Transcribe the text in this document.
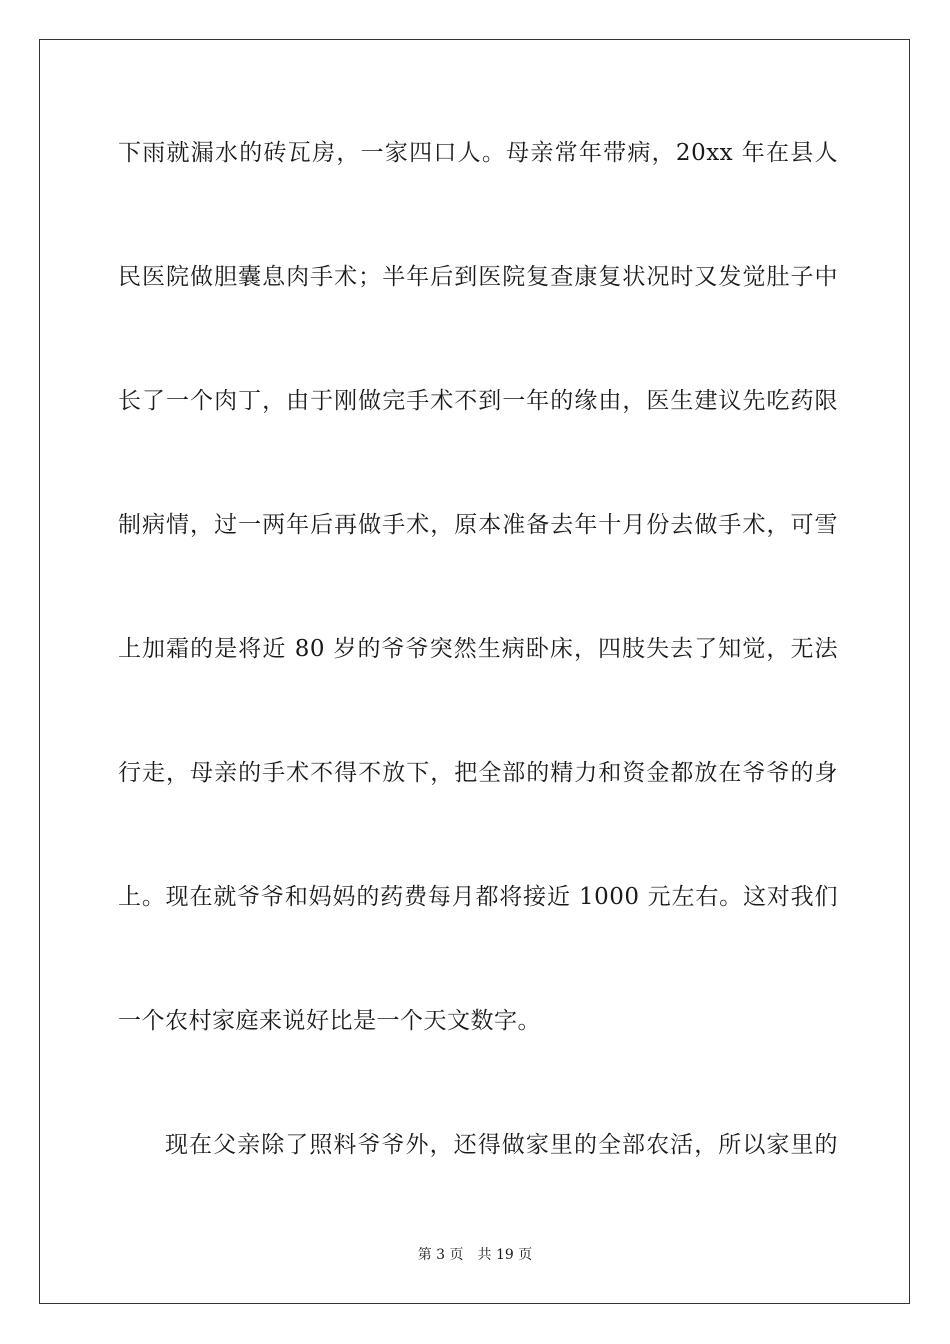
下雨就漏水的砖瓦房，一家四口人。母亲常年带病，20xx 年在县人
民医院做胆囊息肉手术；半年后到医院复查康复状况时又发觉肚子中
长了一个肉丁，由于刚做完手术不到一年的缘由，医生建议先吃药限
制病情，过一两年后再做手术，原本准备去年十月份去做手术，可雪
上加霜的是将近 80 岁的爷爷突然生病卧床，四肢失去了知觉，无法
行走，母亲的手术不得不放下，把全部的精力和资金都放在爷爷的身
上。现在就爷爷和妈妈的药费每月都将接近 1000 元左右。这对我们
一个农村家庭来说好比是一个天文数字。
现在父亲除了照料爷爷外，还得做家里的全部农活，所以家里的
第 3 页 共 19 页
